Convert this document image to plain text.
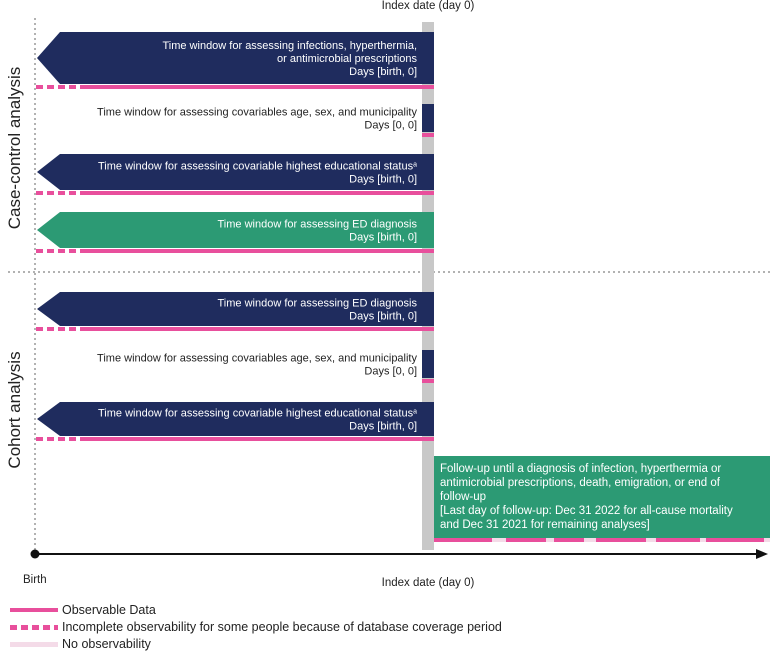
Case-control analysis
Cohort analysis
Index date (day 0)
Index date (day 0)
Birth
Time window for assessing infections, hyperthermia,
or antimicrobial prescriptions
Days [birth, 0]
Time window for assessing covariables age, sex, and municipality
Days [0, 0]
Time window for assessing covariable highest educational status$^a$
Days [birth, 0]
Time window for assessing ED diagnosis
Days [birth, 0]
Time window for assessing ED diagnosis
Days [birth, 0]
Time window for assessing covariables age, sex, and municipality
Days [0, 0]
Time window for assessing covariable highest educational status$^a$
Days [birth, 0]
Follow-up until a diagnosis of infection, hyperthermia or antimicrobial prescriptions, death, emigration, or end of follow-up [Last day of follow-up: Dec 31 2022 for all-cause mortality and Dec 31 2021 for remaining analyses]
Observable Data
Incomplete observability for some people because of database coverage period
No observability
